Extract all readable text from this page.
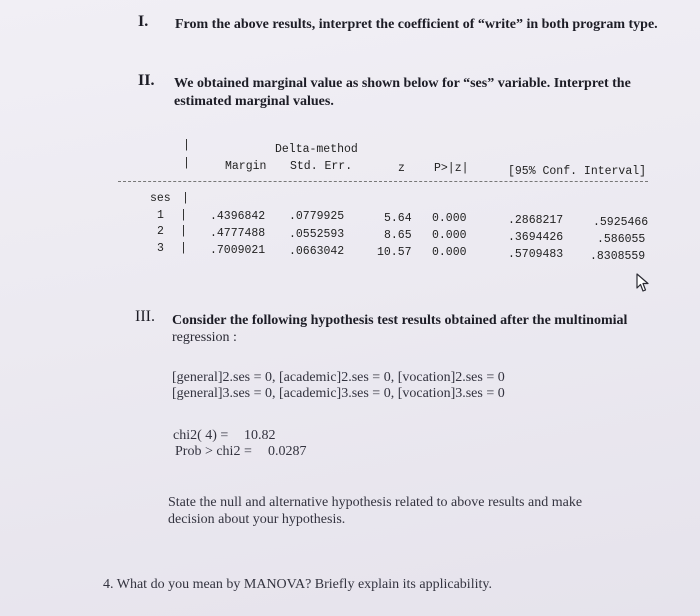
I. From the above results, interpret the coefficient of “write” in both program type.
II. We obtained marginal value as shown below for “ses” variable. Interpret the
estimated marginal values.
|
|
Delta-method
Margin Std. Err.	z	P>|z|	[95% Conf. Interval]
ses |
1 | .4396842 .0779925	5.64 0.000	.2868217	.5925466
2 | .4777488 .0552593	8.65 0.000	.3694426	.586055
3 | .7009021 .0663042	10.57 0.000	.5709483 .8308559
III. Consider the following hypothesis test results obtained after the multinomial
regression :
[general]2.ses = 0, [academic]2.ses = 0, [vocation]2.ses = 0
[general]3.ses = 0, [academic]3.ses = 0, [vocation]3.ses = 0
chi2( 4) = 10.82
Prob > chi2 = 0.0287
State the null and alternative hypothesis related to above results and make
decision about your hypothesis.
4. What do you mean by MANOVA? Briefly explain its applicability.
